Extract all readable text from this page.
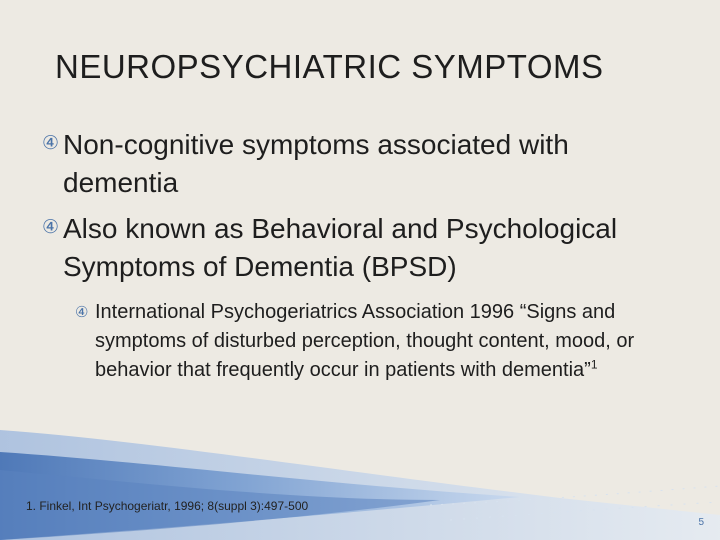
NEUROPSYCHIATRIC SYMPTOMS
④ Non-cognitive symptoms associated with dementia
④ Also known as Behavioral and Psychological Symptoms of Dementia (BPSD)
④ International Psychogeriatrics Association 1996 “Signs and symptoms of disturbed perception, thought content, mood, or behavior that frequently occur in patients with dementia”$^1$
1. Finkel, Int Psychogeriatr, 1996; 8(suppl 3):497-500
5
